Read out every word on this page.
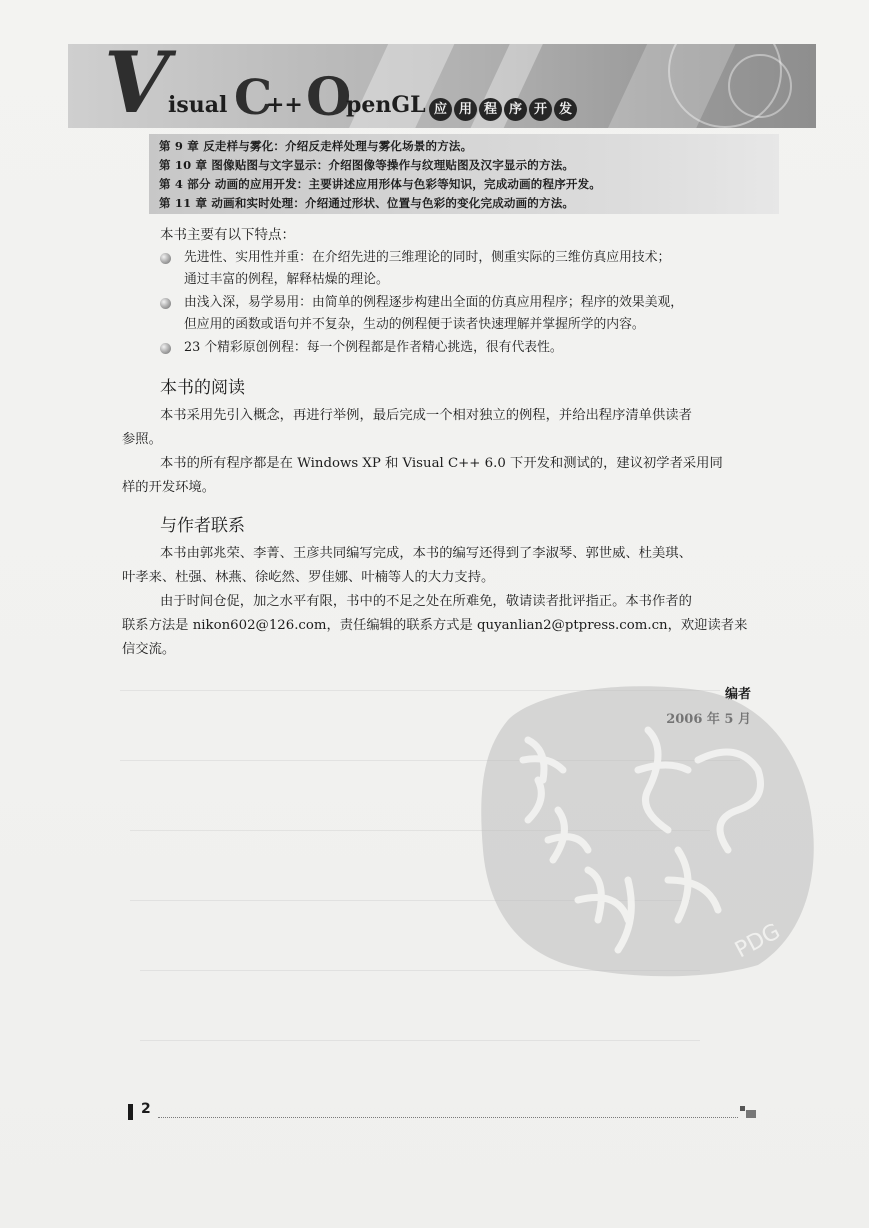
V
isual C
++ O
penGL 应 用 程 序 开 发
第 9 章 反走样与雾化：介绍反走样处理与雾化场景的方法。
第 10 章 图像贴图与文字显示：介绍图像等操作与纹理贴图及汉字显示的方法。
第 4 部分 动画的应用开发：主要讲述应用形体与色彩等知识，完成动画的程序开发。
第 11 章 动画和实时处理：介绍通过形状、位置与色彩的变化完成动画的方法。
本书主要有以下特点：
先进性、实用性并重：在介绍先进的三维理论的同时，侧重实际的三维仿真应用技术；
通过丰富的例程，解释枯燥的理论。
由浅入深，易学易用：由简单的例程逐步构建出全面的仿真应用程序；程序的效果美观，
但应用的函数或语句并不复杂，生动的例程便于读者快速理解并掌握所学的内容。
23 个精彩原创例程：每一个例程都是作者精心挑选，很有代表性。
本书的阅读
本书采用先引入概念，再进行举例，最后完成一个相对独立的例程，并给出程序清单供读者
参照。
本书的所有程序都是在 Windows XP 和 Visual C++ 6.0 下开发和测试的，建议初学者采用同
样的开发环境。
与作者联系
本书由郭兆荣、李菁、王彦共同编写完成，本书的编写还得到了李淑琴、郭世威、杜美琪、
叶孝来、杜强、林燕、徐屹然、罗佳娜、叶楠等人的大力支持。
由于时间仓促，加之水平有限，书中的不足之处在所难免，敬请读者批评指正。本书作者的
联系方法是 nikon602@126.com，责任编辑的联系方式是 quyanlian2@ptpress.com.cn，欢迎读者来
信交流。
编者
PDG
2
